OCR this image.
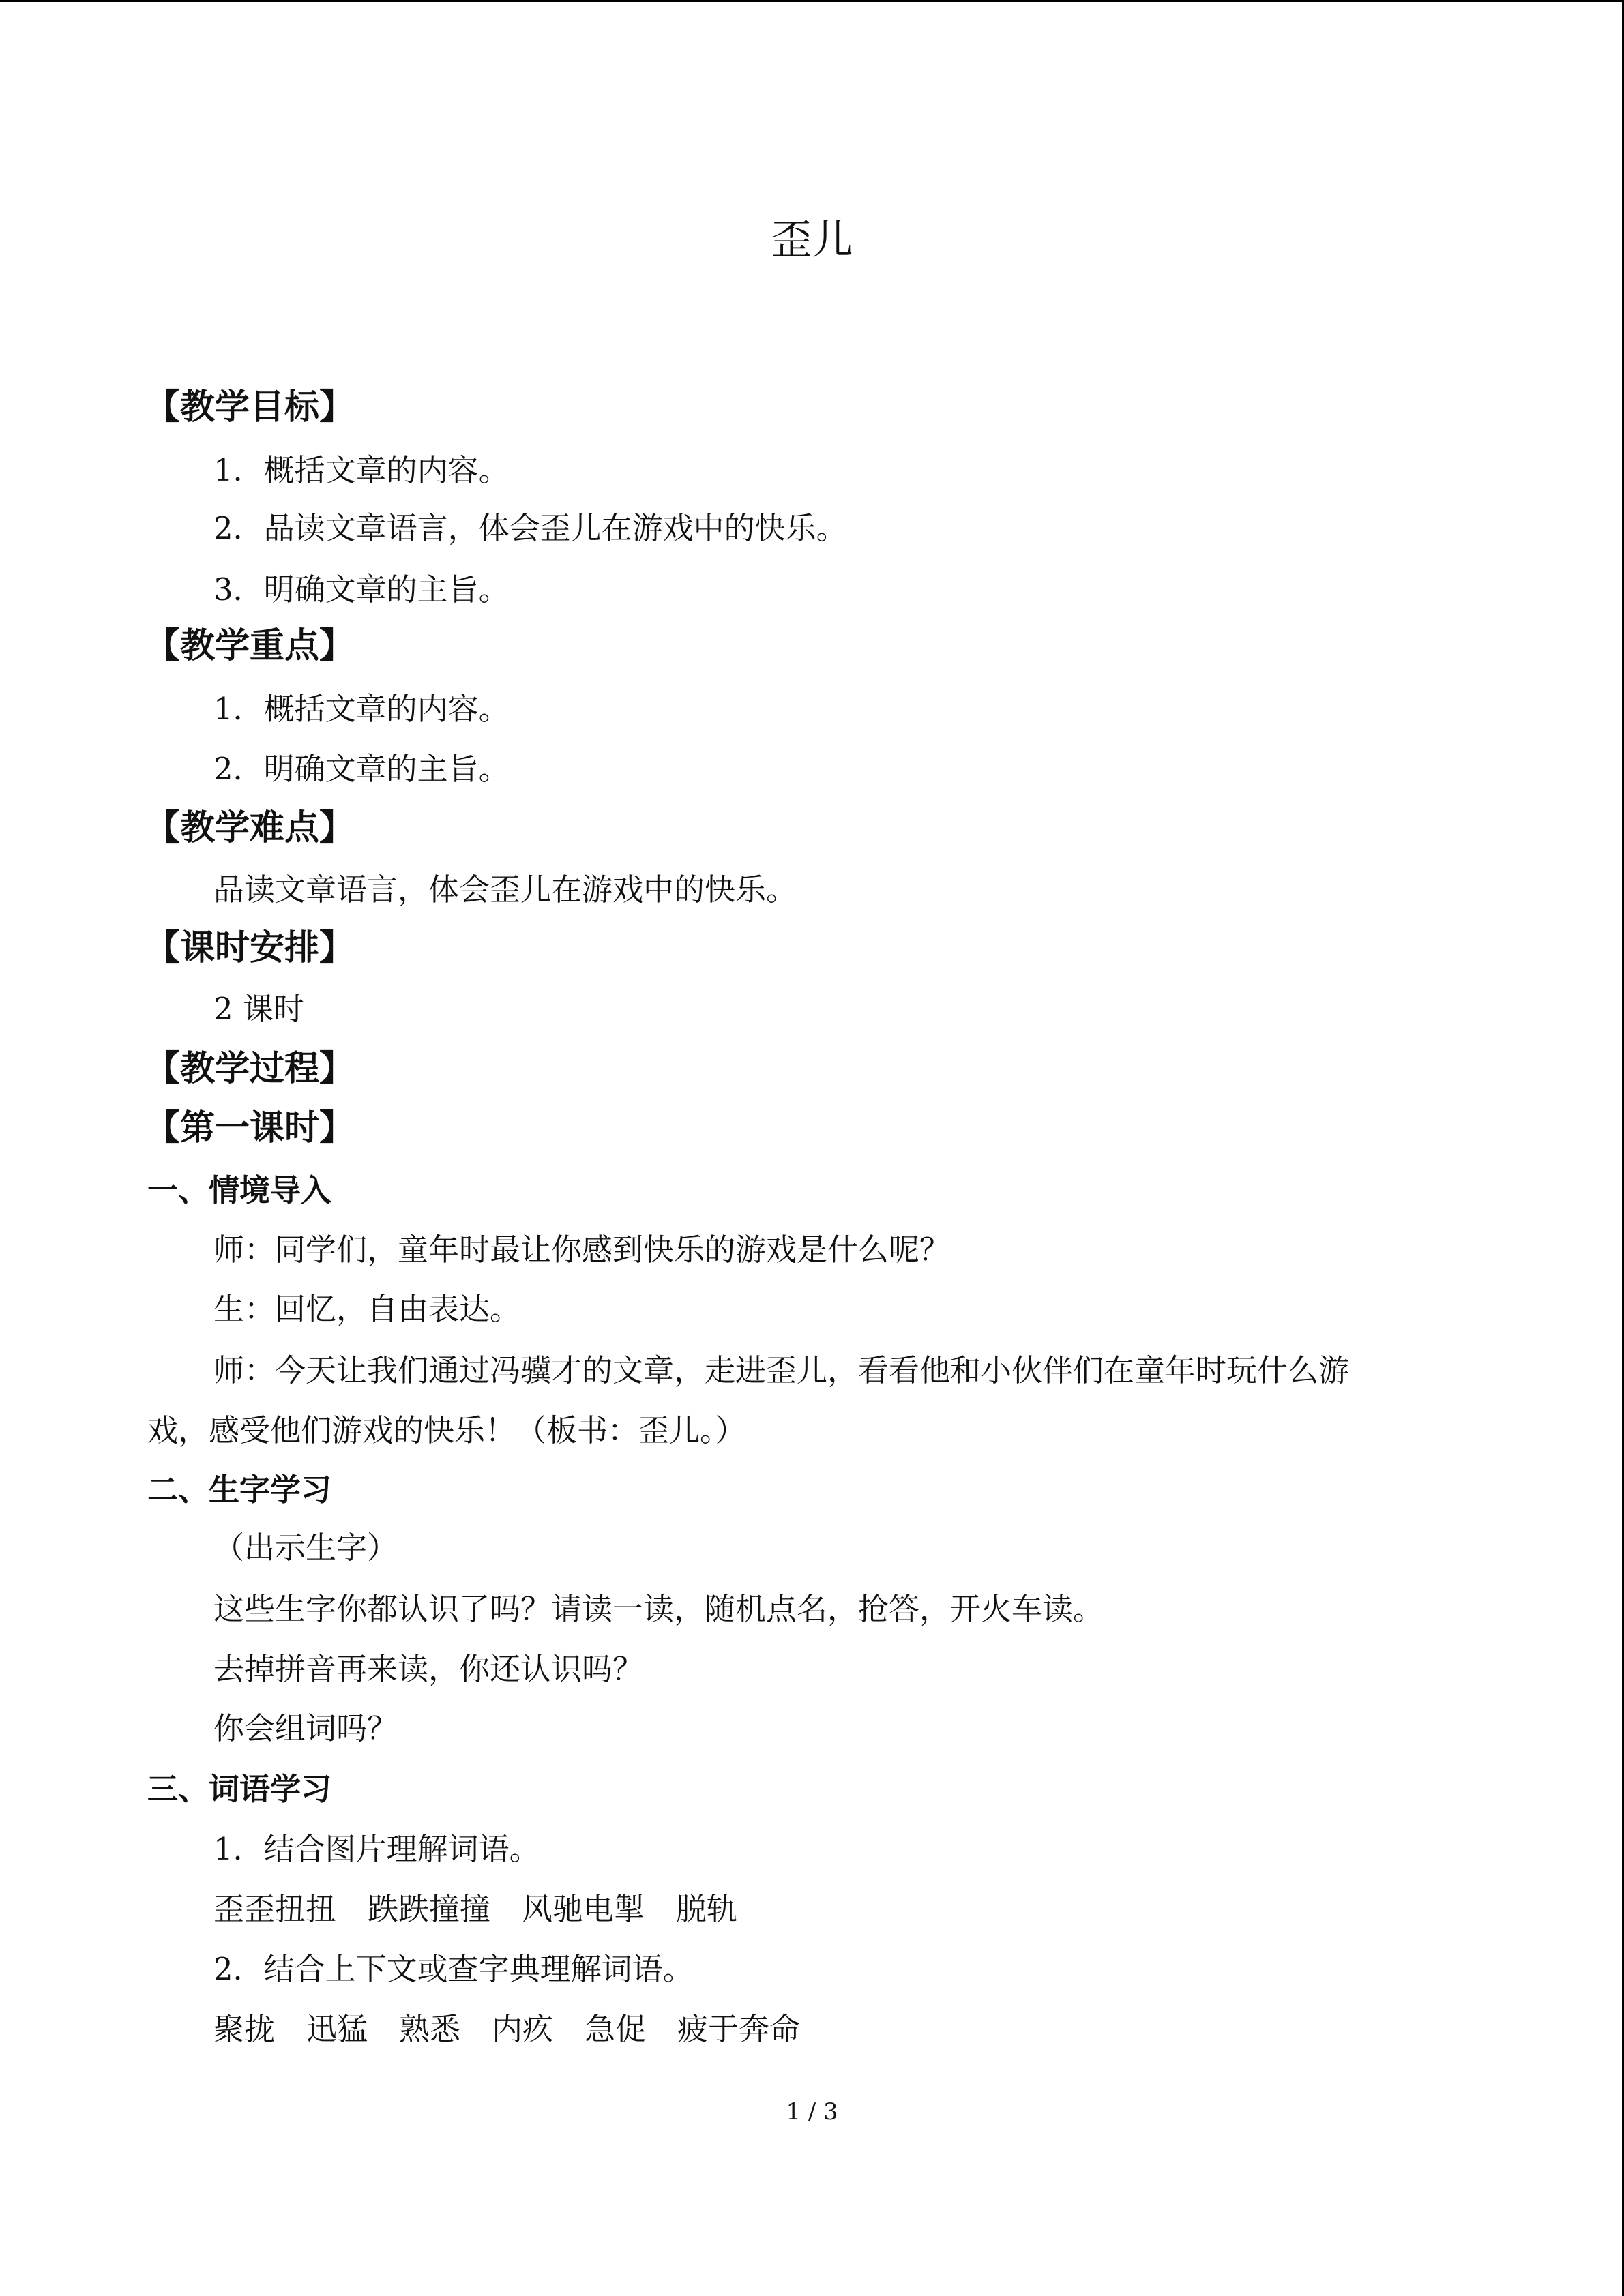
歪儿
【教学目标】
1．概括文章的内容。
2．品读文章语言，体会歪儿在游戏中的快乐。
3．明确文章的主旨。
【教学重点】
1．概括文章的内容。
2．明确文章的主旨。
【教学难点】
品读文章语言，体会歪儿在游戏中的快乐。
【课时安排】
2 课时
【教学过程】
【第一课时】
一、情境导入
师：同学们，童年时最让你感到快乐的游戏是什么呢？
生：回忆，自由表达。
师：今天让我们通过冯骥才的文章，走进歪儿，看看他和小伙伴们在童年时玩什么游
戏，感受他们游戏的快乐！（板书：歪儿。）
二、生字学习
（出示生字）
这些生字你都认识了吗？请读一读，随机点名，抢答，开火车读。
去掉拼音再来读，你还认识吗？
你会组词吗？
三、词语学习
1．结合图片理解词语。
歪歪扭扭 跌跌撞撞 风驰电掣 脱轨
2．结合上下文或查字典理解词语。
聚拢 迅猛 熟悉 内疚 急促 疲于奔命
1 / 3
